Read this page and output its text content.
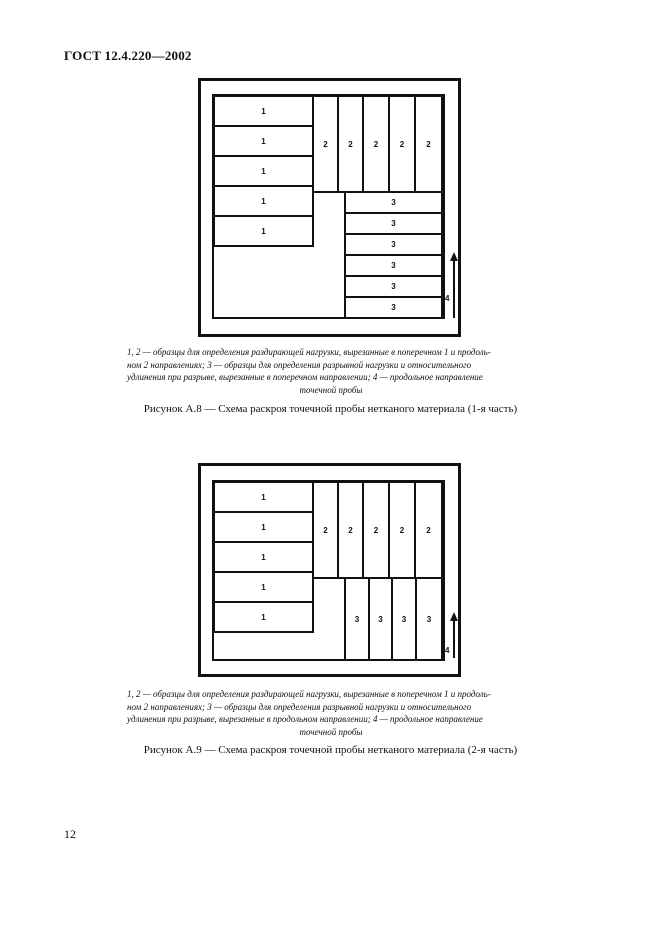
ГОСТ 12.4.220—2002
1
1
1
1
1
2	2	2	2	2
3
3
3
3
3
3
4
1, 2 — образцы для определения раздирающей нагрузки, вырезанные в поперечном 1 и продоль-
ном 2 направлениях; 3 — образцы для определения разрывной нагрузки и относительного
удлинения при разрыве, вырезанные в поперечном направлении; 4 — продольное направление
точечной пробы
Рисунок А.8 — Схема раскроя точечной пробы нетканого материала (1-я часть)
1
1
1
1
1
2	2	2	2	2
3	3	3	3
4
1, 2 — образцы для определения раздирающей нагрузки, вырезанные в поперечном 1 и продоль-
ном 2 направлениях; 3 — образцы для определения разрывной нагрузки и относительного
удлинения при разрыве, вырезанные в продольном направлении; 4 — продольное направление
точечной пробы
Рисунок А.9 — Схема раскроя точечной пробы нетканого материала (2-я часть)
12
